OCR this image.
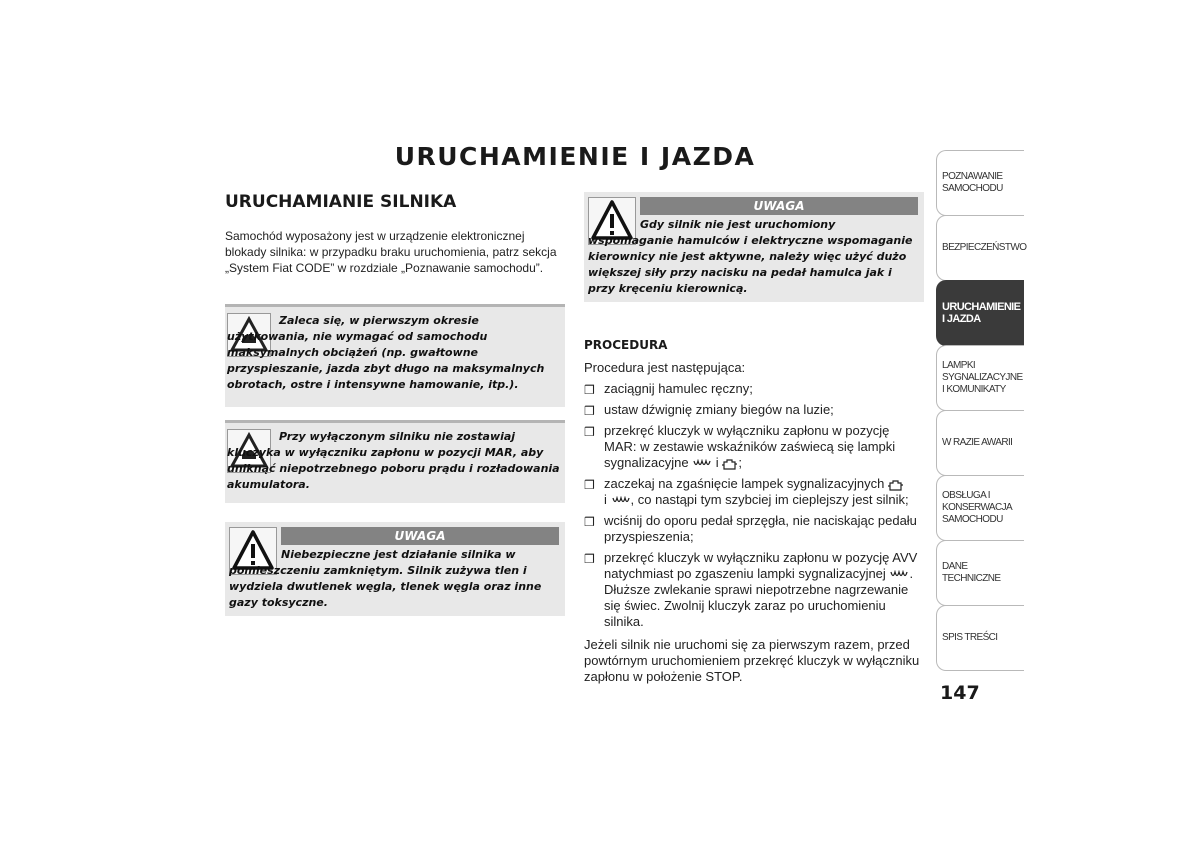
URUCHAMIENIE I JAZDA
URUCHAMIANIE SILNIKA
Samochód wyposażony jest w urządzenie elektronicznej blokady silnika: w przypadku braku uruchomienia, patrz sekcja „System Fiat CODE” w rozdziale „Poznawanie samochodu”.
Zaleca się, w pierwszym okresie użytkowania, nie wymagać od samochodu maksymalnych obciążeń (np. gwałtowne przyspieszanie, jazda zbyt długo na maksymalnych obrotach, ostre i intensywne hamowanie, itp.).
Przy wyłączonym silniku nie zostawiaj kluczyka w wyłączniku zapłonu w pozycji MAR, aby uniknąć niepotrzebnego poboru prądu i rozładowania akumulatora.
UWAGA
Niebezpieczne jest działanie silnika w pomieszczeniu zamkniętym. Silnik zużywa tlen i wydziela dwutlenek węgla, tlenek węgla oraz inne gazy toksyczne.
UWAGA
Gdy silnik nie jest uruchomiony wspomaganie hamulców i elektryczne wspomaganie kierownicy nie jest aktywne, należy więc użyć dużo większej siły przy nacisku na pedał hamulca jak i przy kręceniu kierownicą.
PROCEDURA
Procedura jest następująca:
❒ zaciągnij hamulec ręczny;
❒ ustaw dźwignię zmiany biegów na luzie;
❒ przekręć kluczyk w wyłączniku zapłonu w pozycję MAR: w zestawie wskaźników zaświecą się lampki sygnalizacyjne i ;
❒ zaczekaj na zgaśnięcie lampek sygnalizacyjnych
i , co nastąpi tym szybciej im cieplejszy jest silnik;
❒ wciśnij do oporu pedał sprzęgła, nie naciskając pedału przyspieszenia;
❒ przekręć kluczyk w wyłączniku zapłonu w pozycję AVV natychmiast po zgaszeniu lampki sygnalizacyjnej . Dłuższe zwlekanie sprawi niepotrzebne nagrzewanie się świec. Zwolnij kluczyk zaraz po uruchomieniu silnika.
Jeżeli silnik nie uruchomi się za pierwszym razem, przed powtórnym uruchomieniem przekręć kluczyk w wyłączniku zapłonu w położenie STOP.
POZNAWANIE
SAMOCHODU
BEZPIECZEŃSTWO
URUCHAMIENIE
I JAZDA
LAMPKI
SYGNALIZACYJNE
I KOMUNIKATY
W RAZIE AWARII
OBSŁUGA I
KONSERWACJA
SAMOCHODU
DANE TECHNICZNE
SPIS TREŚCI
147
